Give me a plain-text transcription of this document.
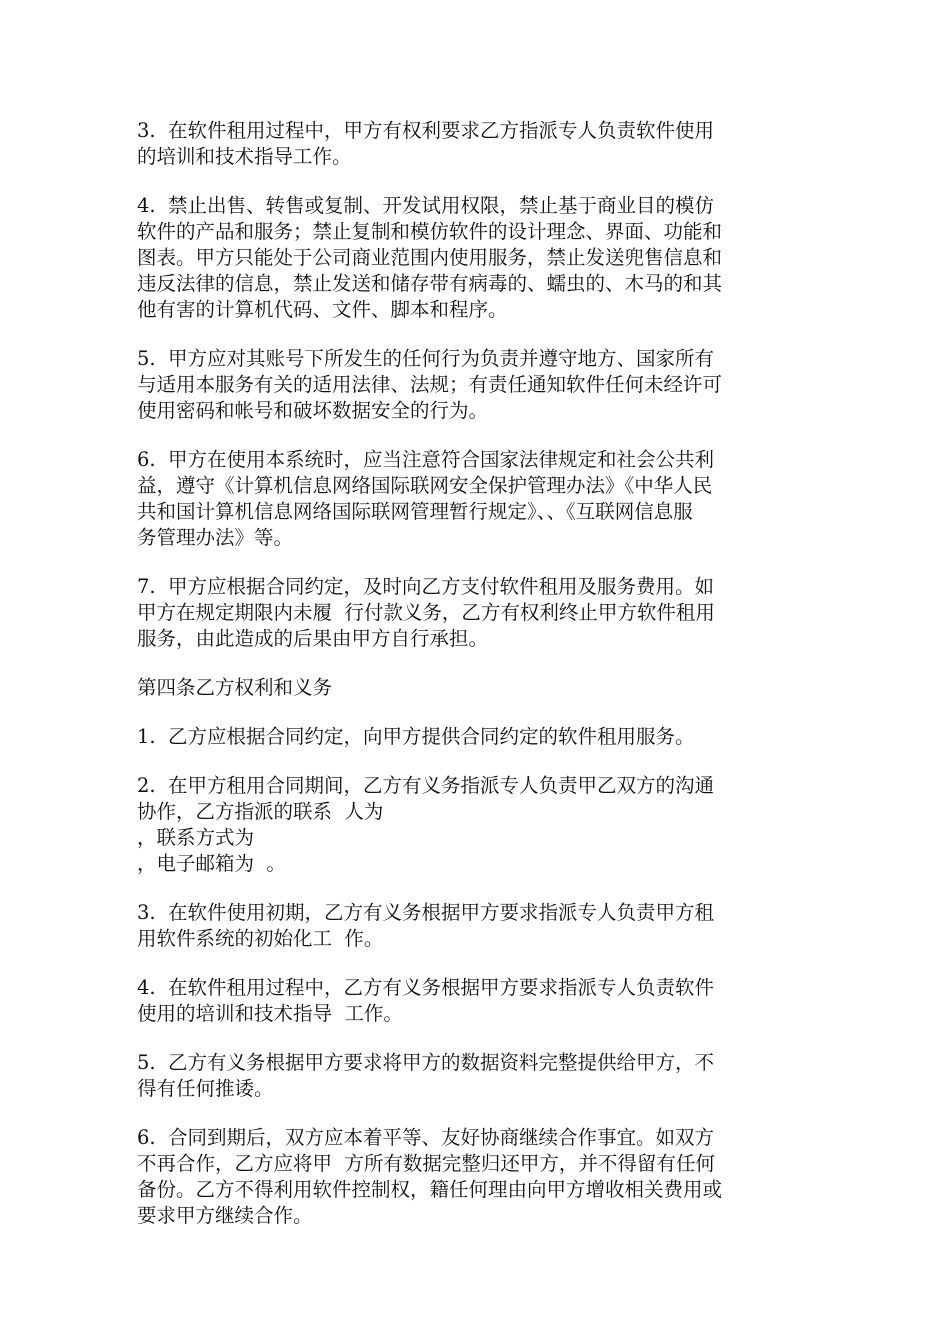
3.  在软件租用过程中，甲方有权利要求乙方指派专人负责软件使用
的培训和技术指导工作。
4.  禁止出售、转售或复制、开发试用权限，禁止基于商业目的模仿
软件的产品和服务；禁止复制和模仿软件的设计理念、界面、功能和
图表。甲方只能处于公司商业范围内使用服务，禁止发送兜售信息和
违反法律的信息，禁止发送和储存带有病毒的、蠕虫的、木马的和其
他有害的计算机代码、文件、脚本和程序。
5.  甲方应对其账号下所发生的任何行为负责并遵守地方、国家所有
与适用本服务有关的适用法律、法规；有责任通知软件任何未经许可
使用密码和帐号和破坏数据安全的行为。
6.  甲方在使用本系统时，应当注意符合国家法律规定和社会公共利
益，遵守《计算机信息网络国际联网安全保护管理办法》《中华人民
共和国计算机信息网络国际联网管理暂行规定》、、《互联网信息服
务管理办法》等。
7.  甲方应根据合同约定，及时向乙方支付软件租用及服务费用。如
甲方在规定期限内未履  行付款义务，乙方有权利终止甲方软件租用
服务，由此造成的后果由甲方自行承担。
第四条乙方权利和义务
1.  乙方应根据合同约定，向甲方提供合同约定的软件租用服务。
2.  在甲方租用合同期间，乙方有义务指派专人负责甲乙双方的沟通
协作，乙方指派的联系  人为
，联系方式为
，电子邮箱为  。
3.  在软件使用初期，乙方有义务根据甲方要求指派专人负责甲方租
用软件系统的初始化工  作。
4.  在软件租用过程中，乙方有义务根据甲方要求指派专人负责软件
使用的培训和技术指导  工作。
5.  乙方有义务根据甲方要求将甲方的数据资料完整提供给甲方，不
得有任何推诿。
6.  合同到期后，双方应本着平等、友好协商继续合作事宜。如双方
不再合作，乙方应将甲  方所有数据完整归还甲方，并不得留有任何
备份。乙方不得利用软件控制权，籍任何理由向甲方增收相关费用或
要求甲方继续合作。
